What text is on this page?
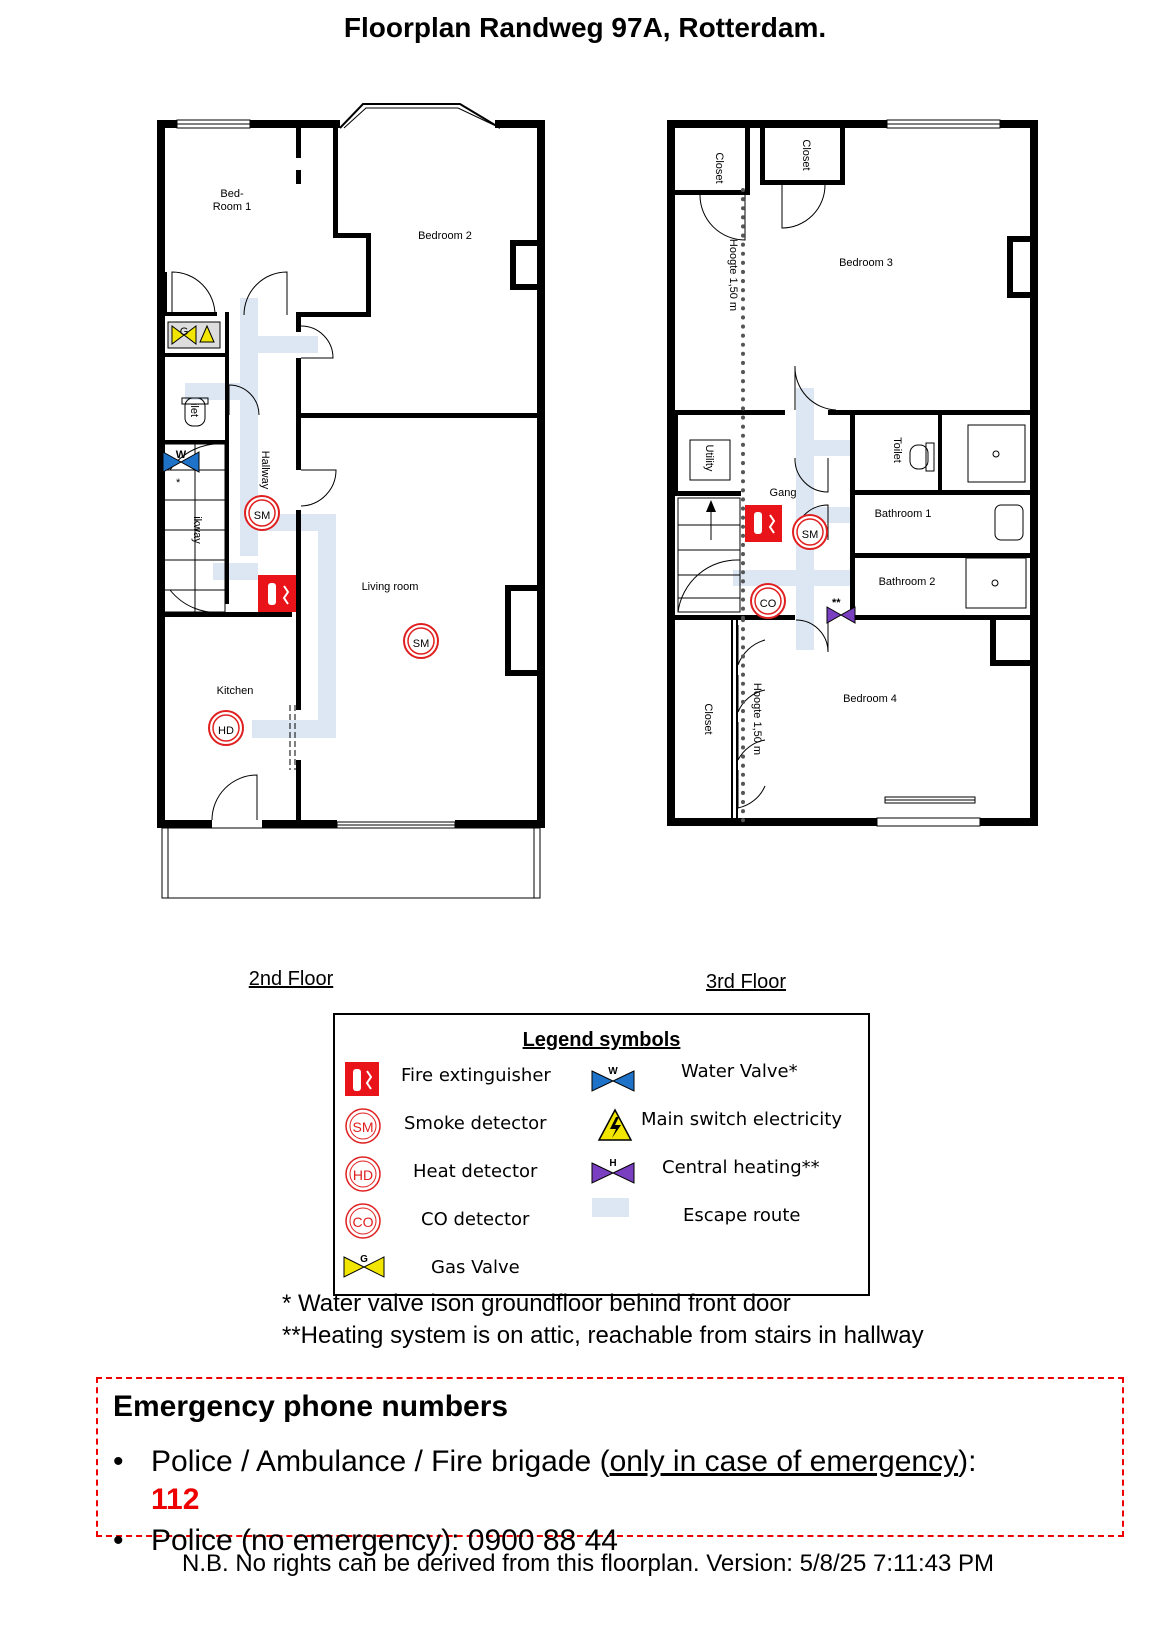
Floorplan Randweg 97A, Rotterdam.
G
W
*
Bed-
Room 1
Bedroom 2
ilet
Hallway
ikway
Living room
Kitchen
SM
SM
HD
**
Closet	Closet
Bedroom 3
Hoogte 1,50 m
Utility	Toilet
Gang
Bathroom 1
Bathroom 2
Closet	Hoogte 1,50 m	Bedroom 4
SM
CO
2nd Floor	3rd Floor
Legend symbols
Fire extinguisher
SM Smoke detector
HD Heat detector
CO	CO detector
G	Gas Valve
W	Water Valve*
Main switch electricity
H	Central heating**
Escape route
* Water valve ison groundfloor behind front door
**Heating system is on attic, reachable from stairs in hallway
Emergency phone numbers
• Police / Ambulance / Fire brigade (only in case of emergency):
112
• Police (no emergency): 0900 88 44
N.B. No rights can be derived from this floorplan. Version: 5/8/25 7:11:43 PM
